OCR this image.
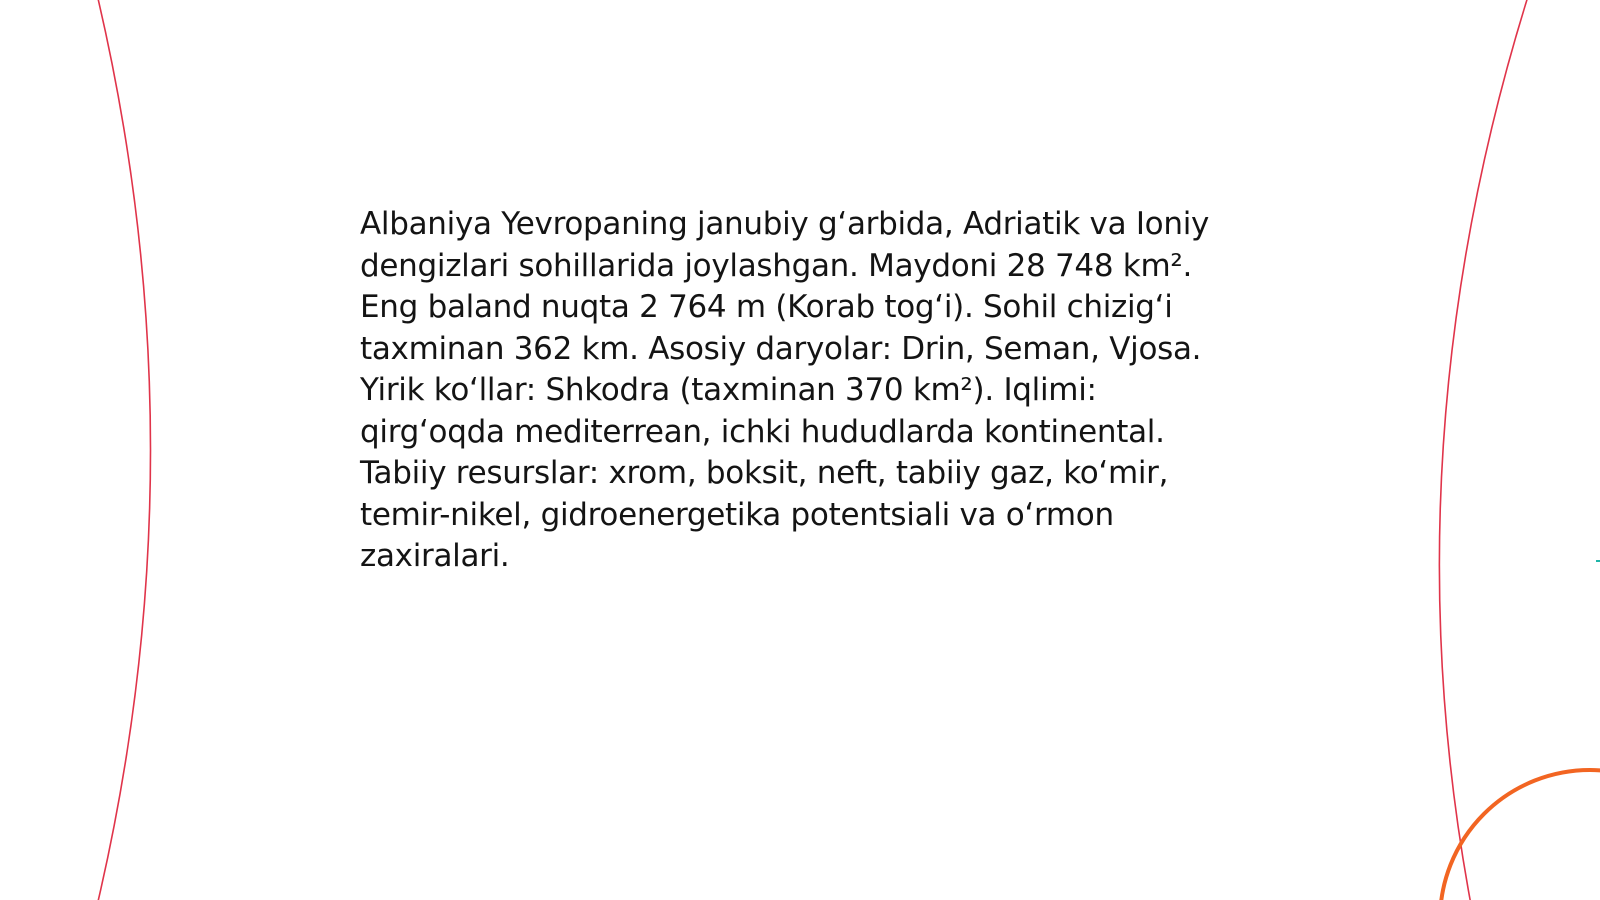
Albaniya Yevropaning janubiy g‘arbida, Adriatik va Ioniy dengizlari sohillarida joylashgan. Maydoni 28 748 km². Eng baland nuqta 2 764 m (Korab tog‘i). Sohil chizig‘i taxminan 362 km. Asosiy daryolar: Drin, Seman, Vjosa. Yirik ko‘llar: Shkodra (taxminan 370 km²). Iqlimi: qirg‘oqda mediterrean, ichki hududlarda kontinental. Tabiiy resurslar: xrom, boksit, neft, tabiiy gaz, ko‘mir, temir-nikel, gidroenergetika potentsiali va o‘rmon zaxiralari.
